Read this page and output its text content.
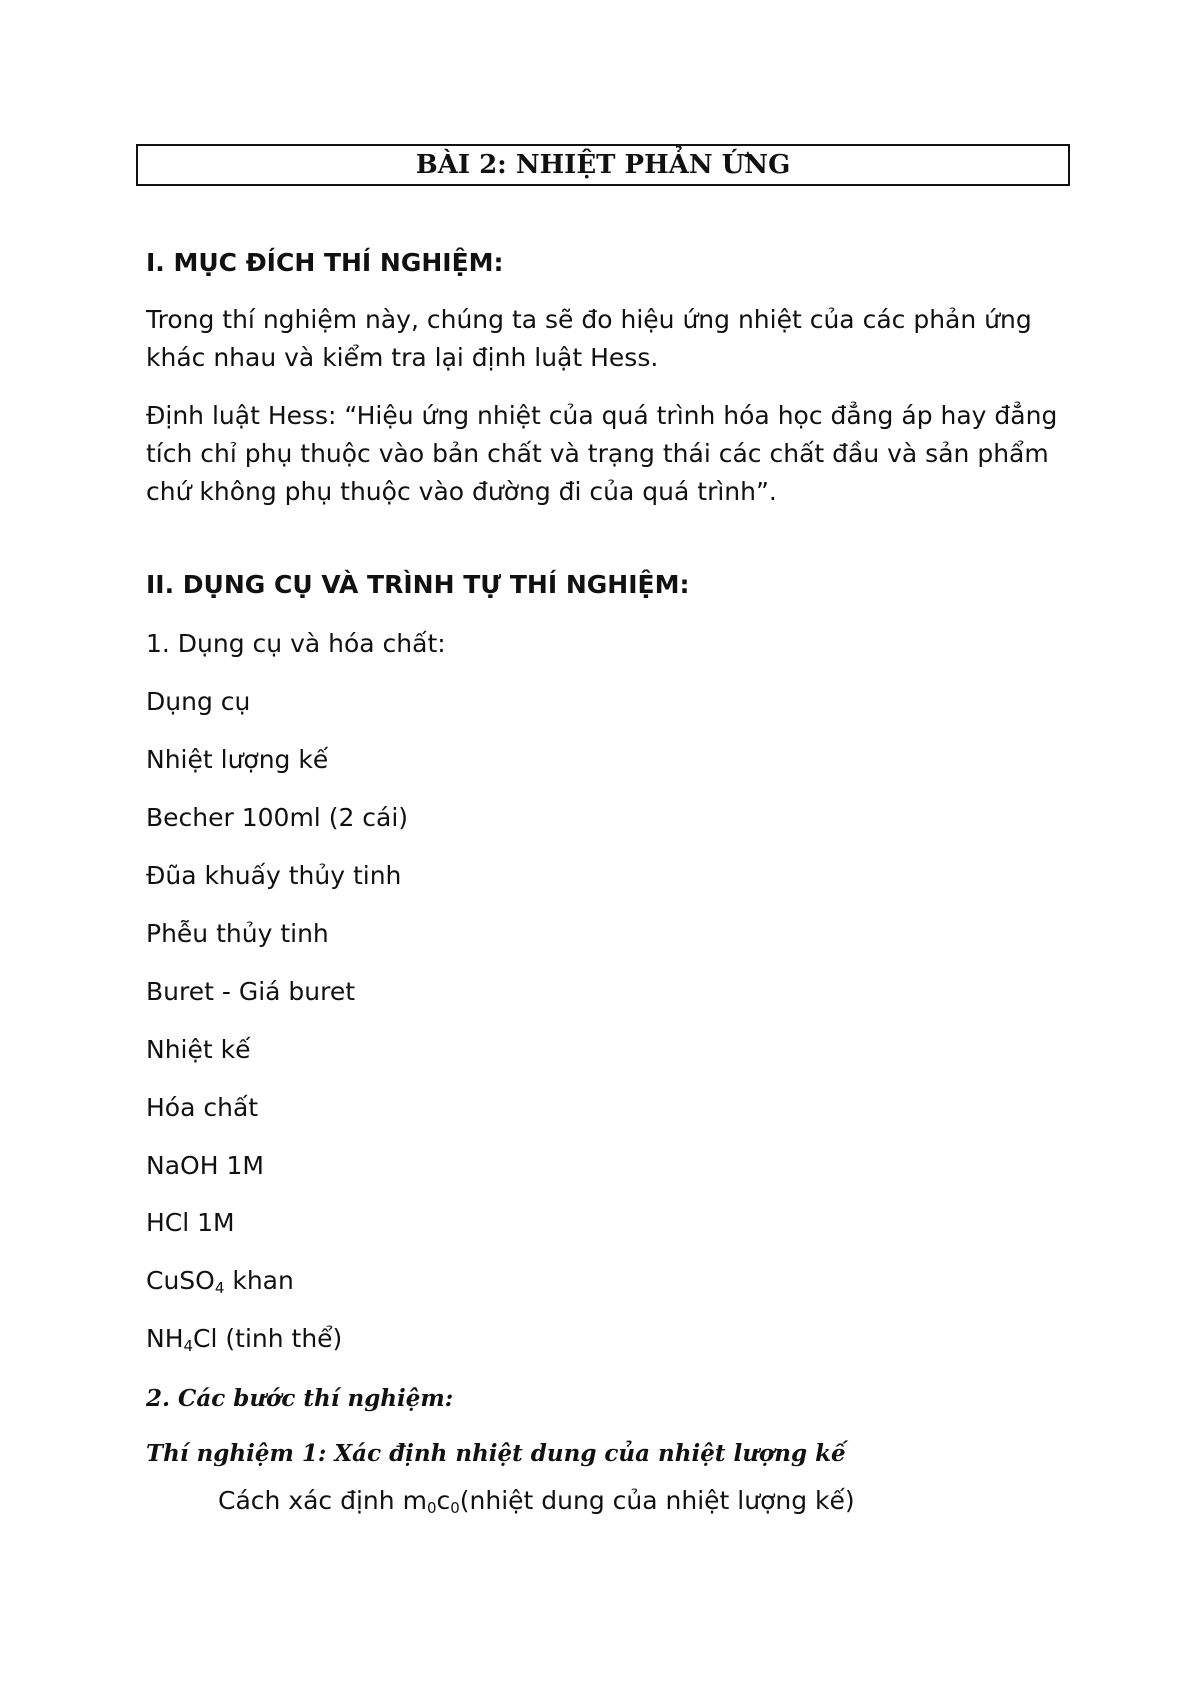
BÀI 2: NHIỆT PHẢN ỨNG
I. MỤC ĐÍCH THÍ NGHIỆM:
Trong thí nghiệm này, chúng ta sẽ đo hiệu ứng nhiệt của các phản ứng khác nhau và kiểm tra lại định luật Hess.
Định luật Hess: “Hiệu ứng nhiệt của quá trình hóa học đẳng áp hay đẳng tích chỉ phụ thuộc vào bản chất và trạng thái các chất đầu và sản phẩm chứ không phụ thuộc vào đường đi của quá trình”.
II. DỤNG CỤ VÀ TRÌNH TỰ THÍ NGHIỆM:
1. Dụng cụ và hóa chất:
Dụng cụ
Nhiệt lượng kế
Becher 100ml (2 cái)
Đũa khuấy thủy tinh
Phễu thủy tinh
Buret - Giá buret
Nhiệt kế
Hóa chất
NaOH 1M
HCl 1M
CuSO$_4$ khan
$NH_4Cl$ (tinh thể)
2. Các bước thí nghiệm:
Thí nghiệm 1: Xác định nhiệt dung của nhiệt lượng kế
Cách xác định $m_0c_0(nhiệt$ dung của nhiệt lượng kế)
